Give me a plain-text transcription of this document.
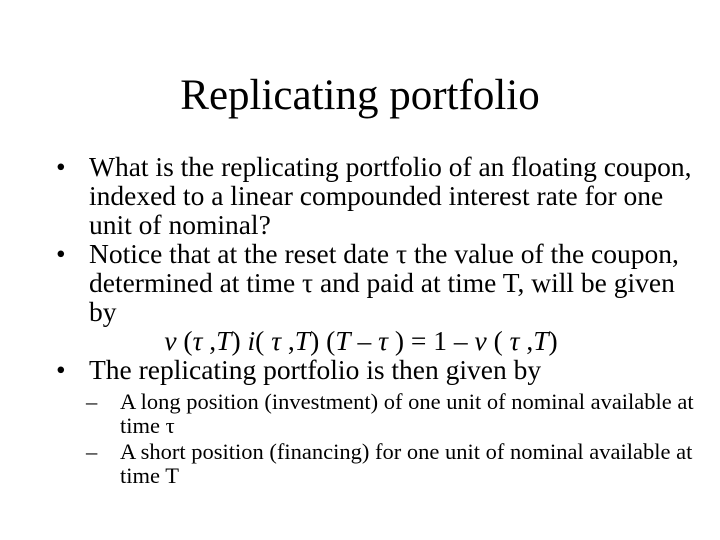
Replicating portfolio
• What is the replicating portfolio of an floating coupon, indexed to a linear compounded interest rate for one unit of nominal?
• Notice that at the reset date τ the value of the coupon, determined at time τ and paid at time T, will be given by
v (τ ,T) i( τ ,T) (T – τ ) = 1 – v ( τ ,T)
• The replicating portfolio is then given by
– A long position (investment) of one unit of nominal available at time τ
– A short position (financing) for one unit of nominal available at time T
